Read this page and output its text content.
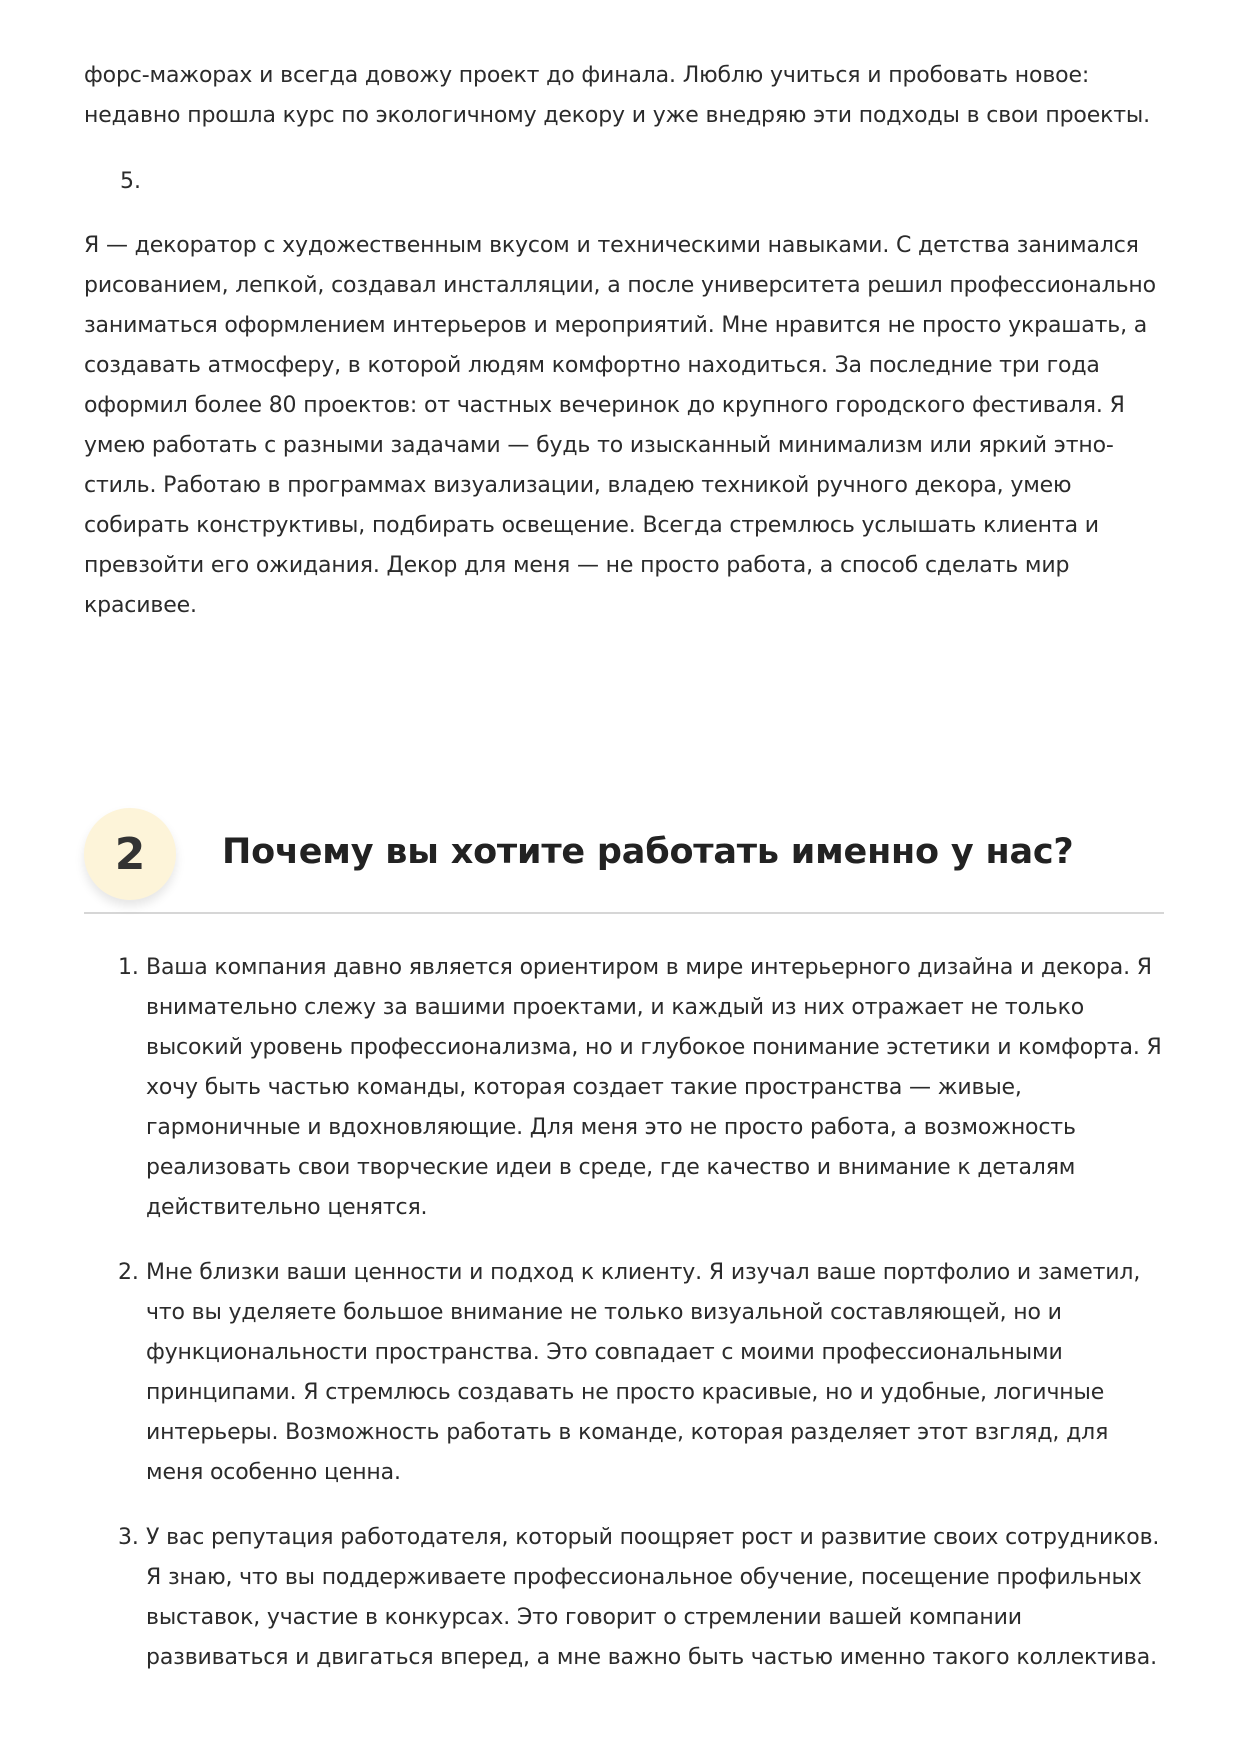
форс-мажорах и всегда довожу проект до финала. Люблю учиться и пробовать новое: недавно прошла курс по экологичному декору и уже внедряю эти подходы в свои проекты.

5.

Я — декоратор с художественным вкусом и техническими навыками. С детства занимался рисованием, лепкой, создавал инсталляции, а после университета решил профессионально заниматься оформлением интерьеров и мероприятий. Мне нравится не просто украшать, а создавать атмосферу, в которой людям комфортно находиться. За последние три года оформил более 80 проектов: от частных вечеринок до крупного городского фестиваля. Я умею работать с разными задачами — будь то изысканный минимализм или яркий этно-стиль. Работаю в программах визуализации, владею техникой ручного декора, умею собирать конструктивы, подбирать освещение. Всегда стремлюсь услышать клиента и превзойти его ожидания. Декор для меня — не просто работа, а способ сделать мир красивее.

2	Почему вы хотите работать именно у нас?
1. Ваша компания давно является ориентиром в мире интерьерного дизайна и декора. Я внимательно слежу за вашими проектами, и каждый из них отражает не только высокий уровень профессионализма, но и глубокое понимание эстетики и комфорта. Я хочу быть частью команды, которая создает такие пространства — живые, гармоничные и вдохновляющие. Для меня это не просто работа, а возможность реализовать свои творческие идеи в среде, где качество и внимание к деталям действительно ценятся.
2. Мне близки ваши ценности и подход к клиенту. Я изучал ваше портфолио и заметил, что вы уделяете большое внимание не только визуальной составляющей, но и функциональности пространства. Это совпадает с моими профессиональными принципами. Я стремлюсь создавать не просто красивые, но и удобные, логичные интерьеры. Возможность работать в команде, которая разделяет этот взгляд, для меня особенно ценна.
3. У вас репутация работодателя, который поощряет рост и развитие своих сотрудников. Я знаю, что вы поддерживаете профессиональное обучение, посещение профильных выставок, участие в конкурсах. Это говорит о стремлении вашей компании развиваться и двигаться вперед, а мне важно быть частью именно такого коллектива.
